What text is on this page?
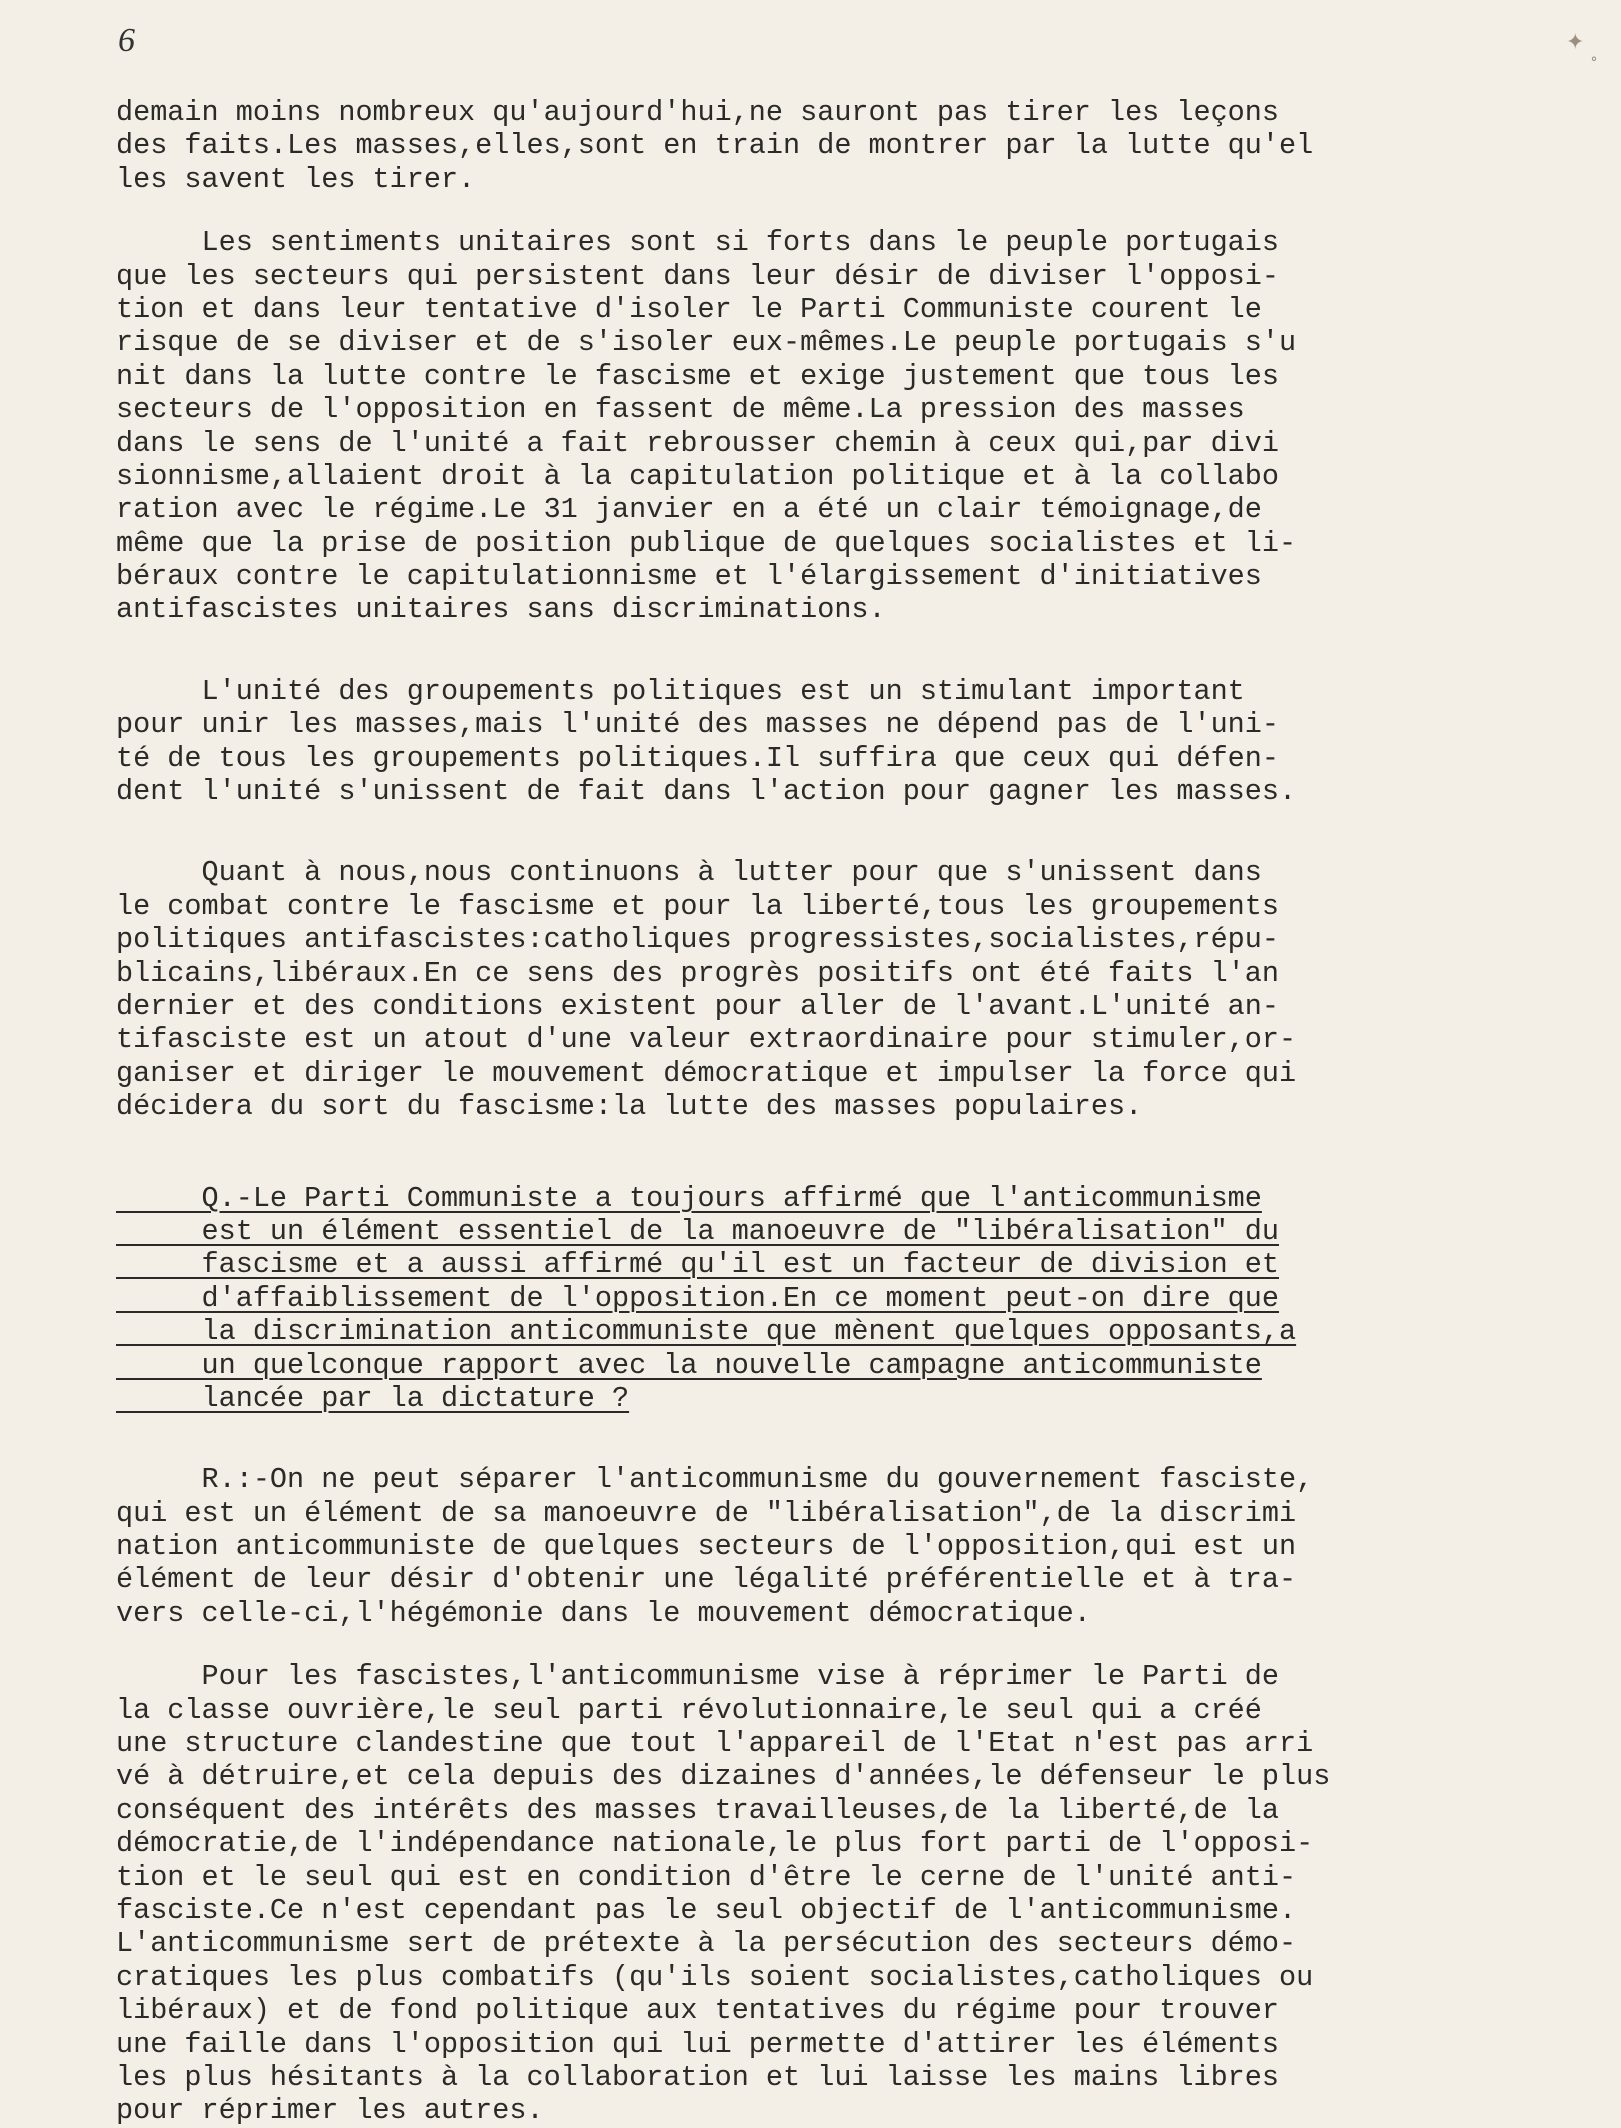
6	✦
˚
demain moins nombreux qu'aujourd'hui,ne sauront pas tirer les leçons
des faits.Les masses,elles,sont en train de montrer par la lutte qu'el
les savent les tirer.
Les sentiments unitaires sont si forts dans le peuple portugais
que les secteurs qui persistent dans leur désir de diviser l'opposi-
tion et dans leur tentative d'isoler le Parti Communiste courent le
risque de se diviser et de s'isoler eux-mêmes.Le peuple portugais s'u
nit dans la lutte contre le fascisme et exige justement que tous les
secteurs de l'opposition en fassent de même.La pression des masses
dans le sens de l'unité a fait rebrousser chemin à ceux qui,par divi
sionnisme,allaient droit à la capitulation politique et à la collabo
ration avec le régime.Le 31 janvier en a été un clair témoignage,de
même que la prise de position publique de quelques socialistes et li-
béraux contre le capitulationnisme et l'élargissement d'initiatives
antifascistes unitaires sans discriminations.
L'unité des groupements politiques est un stimulant important
pour unir les masses,mais l'unité des masses ne dépend pas de l'uni-
té de tous les groupements politiques.Il suffira que ceux qui défen-
dent l'unité s'unissent de fait dans l'action pour gagner les masses.
Quant à nous,nous continuons à lutter pour que s'unissent dans
le combat contre le fascisme et pour la liberté,tous les groupements
politiques antifascistes:catholiques progressistes,socialistes,répu-
blicains,libéraux.En ce sens des progrès positifs ont été faits l'an
dernier et des conditions existent pour aller de l'avant.L'unité an-
tifasciste est un atout d'une valeur extraordinaire pour stimuler,or-
ganiser et diriger le mouvement démocratique et impulser la force qui
décidera du sort du fascisme:la lutte des masses populaires.
Q.-Le Parti Communiste a toujours affirmé que l'anticommunisme
est un élément essentiel de la manoeuvre de "libéralisation" du
fascisme et a aussi affirmé qu'il est un facteur de division et
d'affaiblissement de l'opposition.En ce moment peut-on dire que
la discrimination anticommuniste que mènent quelques opposants,a
un quelconque rapport avec la nouvelle campagne anticommuniste
lancée par la dictature ?
R.:-On ne peut séparer l'anticommunisme du gouvernement fasciste,
qui est un élément de sa manoeuvre de "libéralisation",de la discrimi
nation anticommuniste de quelques secteurs de l'opposition,qui est un
élément de leur désir d'obtenir une légalité préférentielle et à tra-
vers celle-ci,l'hégémonie dans le mouvement démocratique.
Pour les fascistes,l'anticommunisme vise à réprimer le Parti de
la classe ouvrière,le seul parti révolutionnaire,le seul qui a créé
une structure clandestine que tout l'appareil de l'Etat n'est pas arri
vé à détruire,et cela depuis des dizaines d'années,le défenseur le plus
conséquent des intérêts des masses travailleuses,de la liberté,de la
démocratie,de l'indépendance nationale,le plus fort parti de l'opposi-
tion et le seul qui est en condition d'être le cerne de l'unité anti-
fasciste.Ce n'est cependant pas le seul objectif de l'anticommunisme.
L'anticommunisme sert de prétexte à la persécution des secteurs démo-
cratiques les plus combatifs (qu'ils soient socialistes,catholiques ou
libéraux) et de fond politique aux tentatives du régime pour trouver
une faille dans l'opposition qui lui permette d'attirer les éléments
les plus hésitants à la collaboration et lui laisse les mains libres
pour réprimer les autres.
